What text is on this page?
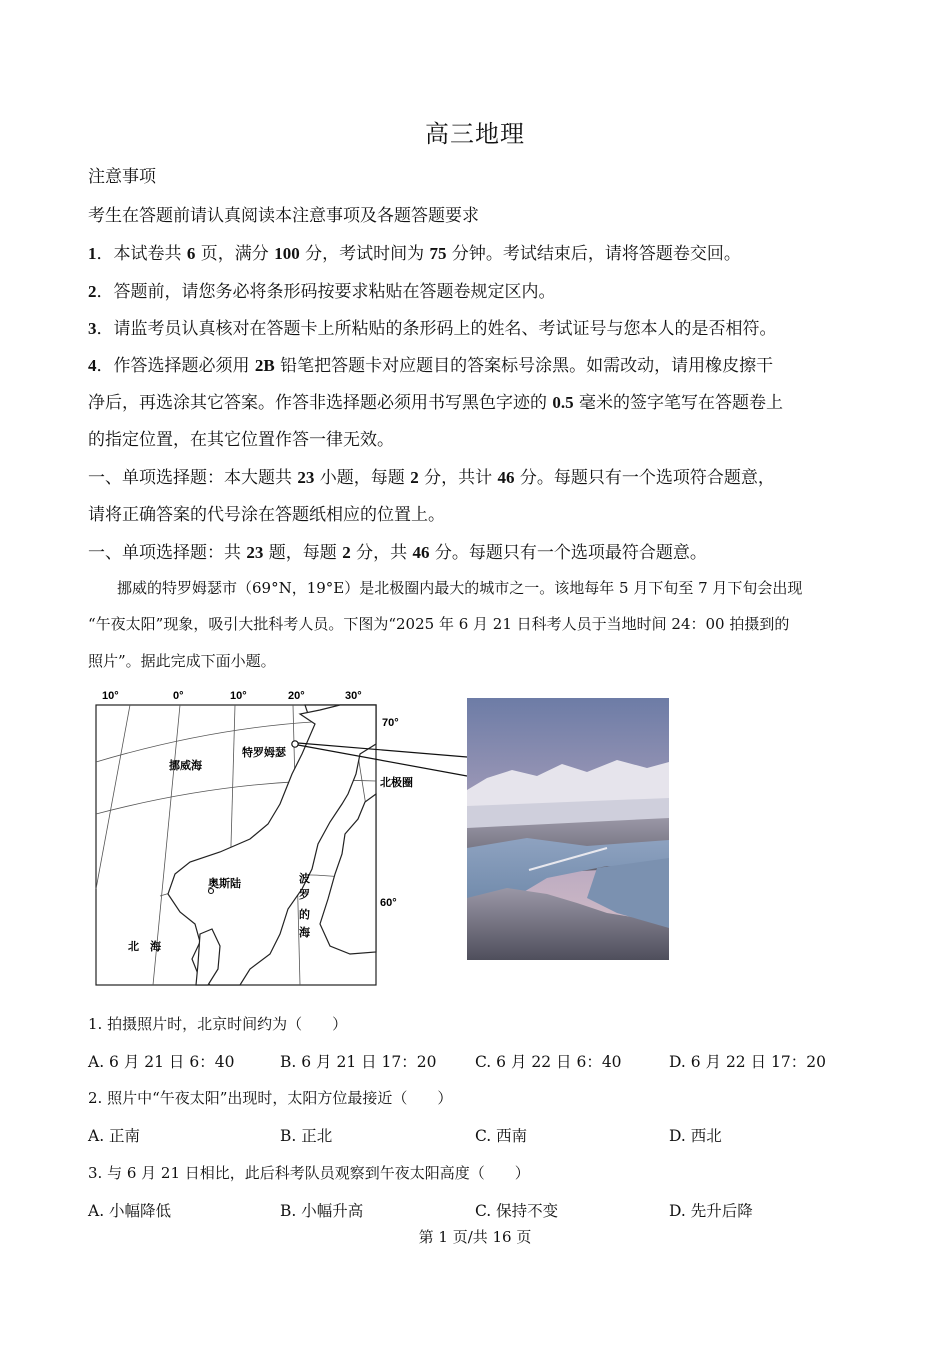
高三地理
注意事项
考生在答题前请认真阅读本注意事项及各题答题要求
1．本试卷共 6 页，满分 100 分，考试时间为 75 分钟。考试结束后，请将答题卷交回。
2．答题前，请您务必将条形码按要求粘贴在答题卷规定区内。
3．请监考员认真核对在答题卡上所粘贴的条形码上的姓名、考试证号与您本人的是否相符。
4．作答选择题必须用 2B 铅笔把答题卡对应题目的答案标号涂黑。如需改动，请用橡皮擦干
净后，再选涂其它答案。作答非选择题必须用书写黑色字迹的 0.5 毫米的签字笔写在答题卷上
的指定位置，在其它位置作答一律无效。
一、单项选择题：本大题共 23 小题，每题 2 分，共计 46 分。每题只有一个选项符合题意，
请将正确答案的代号涂在答题纸相应的位置上。
一、单项选择题：共 23 题，每题 2 分，共 46 分。每题只有一个选项最符合题意。
挪威的特罗姆瑟市（69°N，19°E）是北极圈内最大的城市之一。该地每年 5 月下旬至 7 月下旬会出现
“午夜太阳”现象，吸引大批科考人员。下图为“2025 年 6 月 21 日科考人员于当地时间 24：00 拍摄到的
照片”。据此完成下面小题。
10°	0°	10°	20°	30°
70°
60°
特罗姆瑟
挪威海
北极圈
奥斯陆	波
罗
的
海
北　海
1. 拍摄照片时，北京时间约为（　　）
A. 6 月 21 日 6：40	B. 6 月 21 日 17：20 C. 6 月 22 日 6：40	D. 6 月 22 日 17：20
2. 照片中“午夜太阳”出现时，太阳方位最接近（　　）
A. 正南	B. 正北	C. 西南	D. 西北
3. 与 6 月 21 日相比，此后科考队员观察到午夜太阳高度（　　）
A. 小幅降低	B. 小幅升高	C. 保持不变	D. 先升后降
第 1 页/共 16 页
